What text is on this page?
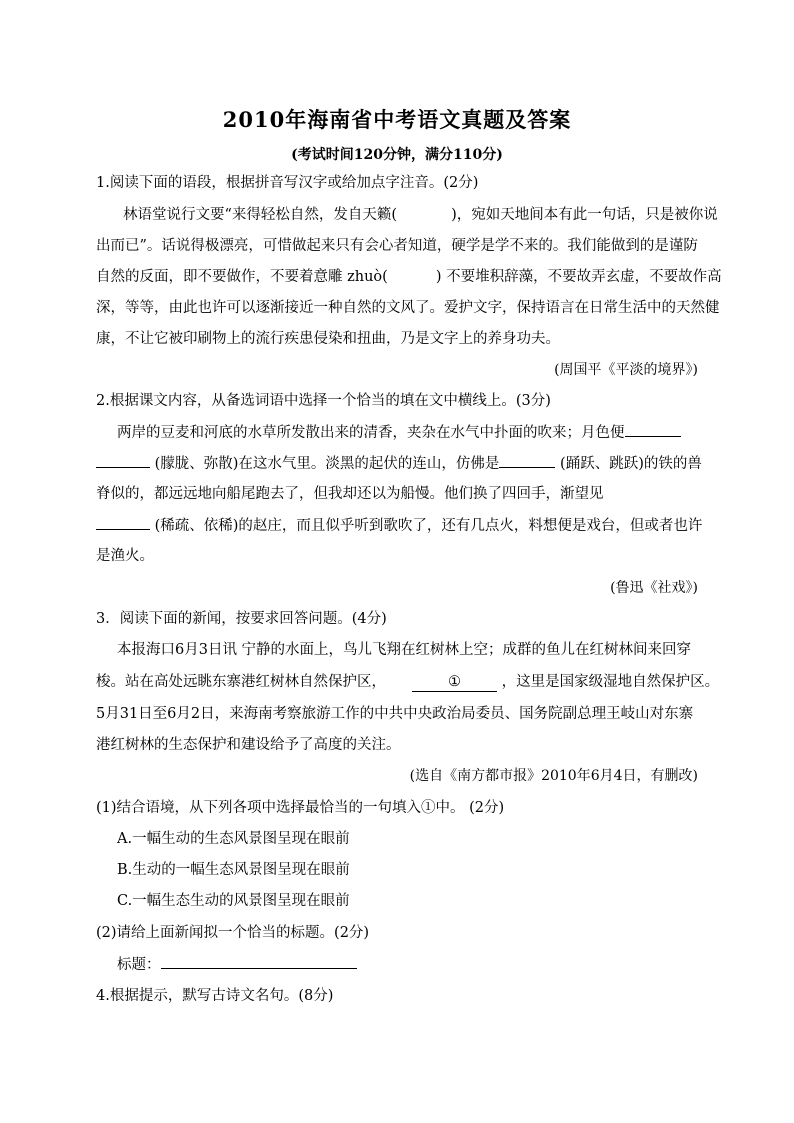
2010年海南省中考语文真题及答案
(考试时间120分钟，满分110分)
1.阅读下面的语段，根据拼音写汉字或给加点字注音。(2分)
林语堂说行文要“来得轻松自然，发自天籁(	)，宛如天地间本有此一句话，只是被你说
出而已”。话说得极漂亮，可惜做起来只有会心者知道，硬学是学不来的。我们能做到的是谨防
自然的反面，即不要做作，不要着意雕 zhuò(	) 不要堆积辞藻，不要故弄玄虚，不要故作高
深，等等，由此也许可以逐渐接近一种自然的文风了。爱护文字，保持语言在日常生活中的天然健
康，不让它被印刷物上的流行疾患侵染和扭曲，乃是文字上的养身功夫。
(周国平《平淡的境界》)
2.根据课文内容，从备选词语中选择一个恰当的填在文中横线上。(3分)
两岸的豆麦和河底的水草所发散出来的清香，夹杂在水气中扑面的吹来；月色便
(朦胧、弥散)在这水气里。淡黑的起伏的连山，仿佛是	(踊跃、跳跃)的铁的兽
脊似的，都远远地向船尾跑去了，但我却还以为船慢。他们换了四回手，渐望见
(稀疏、依稀)的赵庄，而且似乎听到歌吹了，还有几点火，料想便是戏台，但或者也许
是渔火。
(鲁迅《社戏》)
3．阅读下面的新闻，按要求回答问题。(4分)
本报海口6月3日讯 宁静的水面上，鸟儿飞翔在红树林上空；成群的鱼儿在红树林间来回穿
梭。站在高处远眺东寨港红树林自然保护区，	①	，这里是国家级湿地自然保护区。
5月31日至6月2日，来海南考察旅游工作的中共中央政治局委员、国务院副总理王岐山对东寨
港红树林的生态保护和建设给予了高度的关注。
(选自《南方都市报》2010年6月4日，有删改)
(1)结合语境，从下列各项中选择最恰当的一句填入①中。 (2分)
A.一幅生动的生态风景图呈现在眼前
B.生动的一幅生态风景图呈现在眼前
C.一幅生态生动的风景图呈现在眼前
(2)请给上面新闻拟一个恰当的标题。(2分)
标题：
4.根据提示，默写古诗文名句。(8分)
